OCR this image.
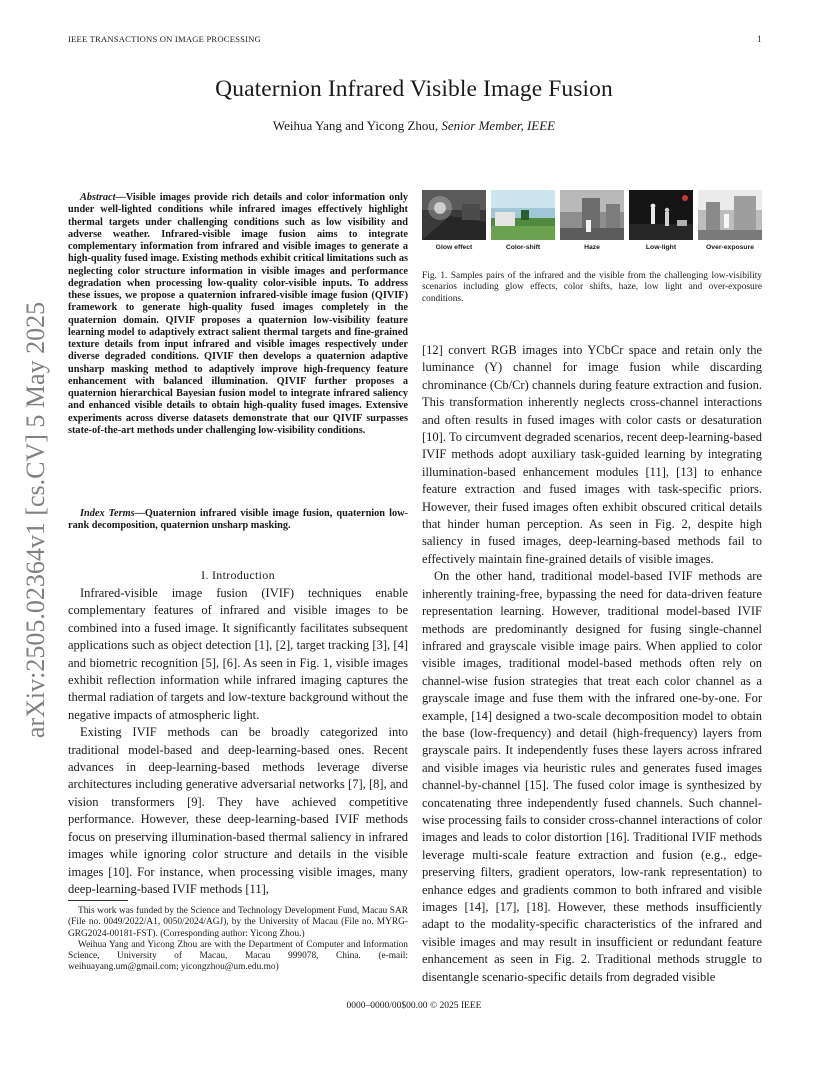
IEEE TRANSACTIONS ON IMAGE PROCESSING	1
arXiv:2505.02364v1 [cs.CV] 5 May 2025
Quaternion Infrared Visible Image Fusion
Weihua Yang and Yicong Zhou, Senior Member, IEEE

Abstract—Visible images provide rich details and color information only under well-lighted conditions while infrared images effectively highlight thermal targets under challenging conditions such as low visibility and adverse weather. Infrared-visible image fusion aims to integrate complementary information from infrared and visible images to generate a high-quality fused image. Existing methods exhibit critical limitations such as neglecting color structure information in visible images and performance degradation when processing low-quality color-visible inputs. To address these issues, we propose a quaternion infrared-visible image fusion (QIVIF) framework to generate high-quality fused images completely in the quaternion domain. QIVIF proposes a quaternion low-visibility feature learning model to adaptively extract salient thermal targets and fine-grained texture details from input infrared and visible images respectively under diverse degraded conditions. QIVIF then develops a quaternion adaptive unsharp masking method to adaptively improve high-frequency feature enhancement with balanced illumination. QIVIF further proposes a quaternion hierarchical Bayesian fusion model to integrate infrared saliency and enhanced visible details to obtain high-quality fused images. Extensive experiments across diverse datasets demonstrate that our QIVIF surpasses state-of-the-art methods under challenging low-visibility conditions.

Index Terms—Quaternion infrared visible image fusion, quaternion low-rank decomposition, quaternion unsharp masking.

I. Introduction

Infrared-visible image fusion (IVIF) techniques enable complementary features of infrared and visible images to be combined into a fused image. It significantly facilitates subsequent applications such as object detection [1], [2], target tracking [3], [4] and biometric recognition [5], [6]. As seen in Fig. 1, visible images exhibit reflection information while infrared imaging captures the thermal radiation of targets and low-texture background without the negative impacts of atmospheric light.

Existing IVIF methods can be broadly categorized into traditional model-based and deep-learning-based ones. Recent advances in deep-learning-based methods leverage diverse architectures including generative adversarial networks [7], [8], and vision transformers [9]. They have achieved competitive performance. However, these deep-learning-based IVIF methods focus on preserving illumination-based thermal saliency in infrared images while ignoring color structure and details in the visible images [10]. For instance, when processing visible images, many deep-learning-based IVIF methods [11],

This work was funded by the Science and Technology Development Fund, Macau SAR (File no. 0049/2022/A1, 0050/2024/AGJ), by the University of Macau (File no. MYRG-GRG2024-00181-FST). (Corresponding author: Yicong Zhou.)

Weihua Yang and Yicong Zhou are with the Department of Computer and Information Science, University of Macau, Macau 999078, China. (e-mail: weihuayang.um@gmail.com; yicongzhou@um.edu.mo)

Glow effect	Color-shift	Haze	Low-light	Over-exposure

Fig. 1. Samples pairs of the infrared and the visible from the challenging low-visibility scenarios including glow effects, color shifts, haze, low light and over-exposure conditions.

[12] convert RGB images into YCbCr space and retain only the luminance (Y) channel for image fusion while discarding chrominance (Cb/Cr) channels during feature extraction and fusion. This transformation inherently neglects cross-channel interactions and often results in fused images with color casts or desaturation [10]. To circumvent degraded scenarios, recent deep-learning-based IVIF methods adopt auxiliary task-guided learning by integrating illumination-based enhancement modules [11], [13] to enhance feature extraction and fused images with task-specific priors. However, their fused images often exhibit obscured critical details that hinder human perception. As seen in Fig. 2, despite high saliency in fused images, deep-learning-based methods fail to effectively maintain fine-grained details of visible images.

On the other hand, traditional model-based IVIF methods are inherently training-free, bypassing the need for data-driven feature representation learning. However, traditional model-based IVIF methods are predominantly designed for fusing single-channel infrared and grayscale visible image pairs. When applied to color visible images, traditional model-based methods often rely on channel-wise fusion strategies that treat each color channel as a grayscale image and fuse them with the infrared one-by-one. For example, [14] designed a two-scale decomposition model to obtain the base (low-frequency) and detail (high-frequency) layers from grayscale pairs. It independently fuses these layers across infrared and visible images via heuristic rules and generates fused images channel-by-channel [15]. The fused color image is synthesized by concatenating three independently fused channels. Such channel-wise processing fails to consider cross-channel interactions of color images and leads to color distortion [16]. Traditional IVIF methods leverage multi-scale feature extraction and fusion (e.g., edge-preserving filters, gradient operators, low-rank representation) to enhance edges and gradients common to both infrared and visible images [14], [17], [18]. However, these methods insufficiently adapt to the modality-specific characteristics of the infrared and visible images and may result in insufficient or redundant feature enhancement as seen in Fig. 2. Traditional methods struggle to disentangle scenario-specific details from degraded visible

0000–0000/00$00.00 © 2025 IEEE
